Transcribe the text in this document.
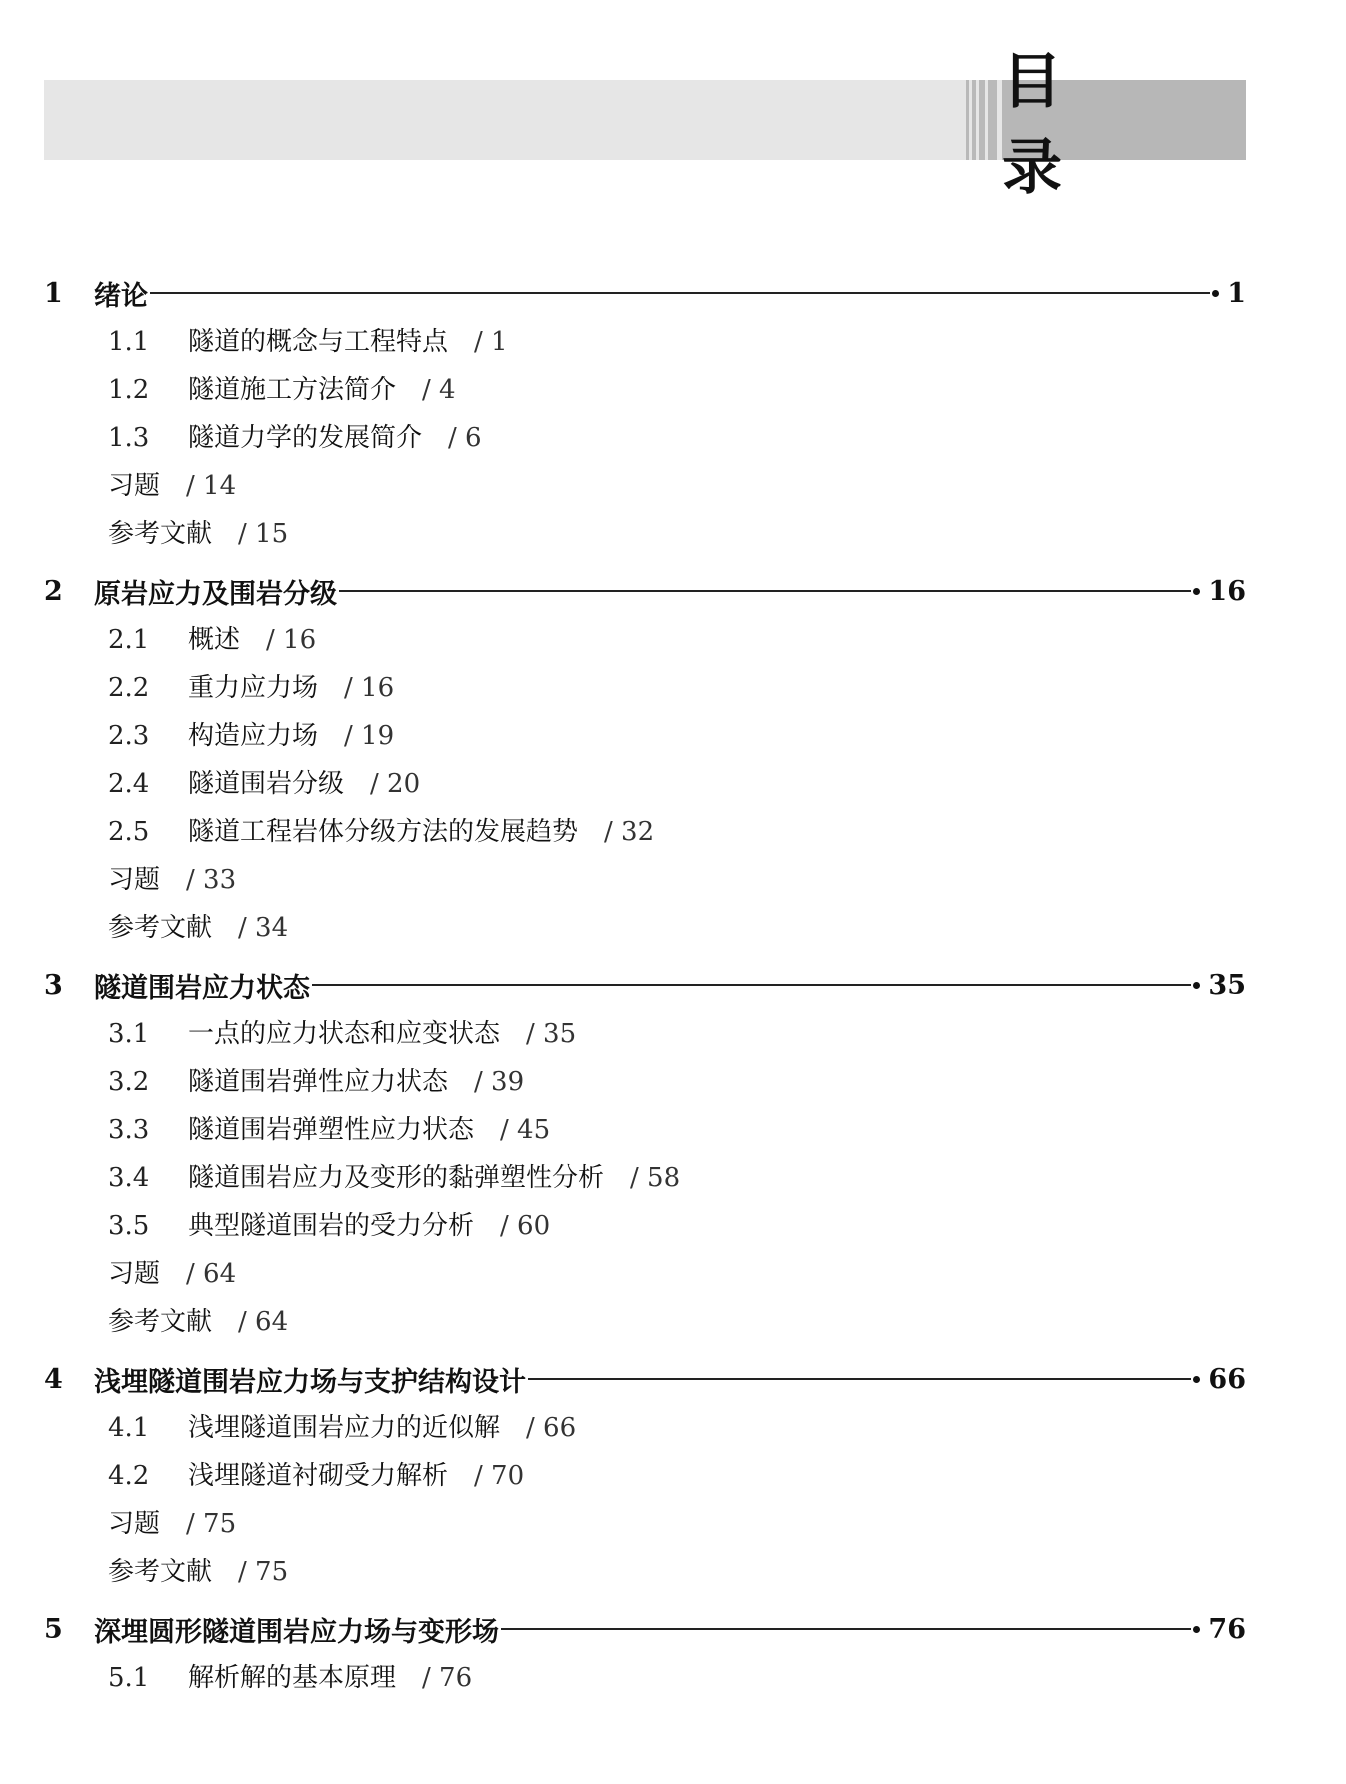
目 录
1	绪论	1
1.1 隧道的概念与工程特点 / 1
1.2 隧道施工方法简介 / 4
1.3 隧道力学的发展简介 / 6
习题 / 14
参考文献 / 15
2	原岩应力及围岩分级	16
2.1 概述 / 16
2.2 重力应力场 / 16
2.3 构造应力场 / 19
2.4 隧道围岩分级 / 20
2.5 隧道工程岩体分级方法的发展趋势 / 32
习题 / 33
参考文献 / 34
3	隧道围岩应力状态	35
3.1 一点的应力状态和应变状态 / 35
3.2 隧道围岩弹性应力状态 / 39
3.3 隧道围岩弹塑性应力状态 / 45
3.4 隧道围岩应力及变形的黏弹塑性分析 / 58
3.5 典型隧道围岩的受力分析 / 60
习题 / 64
参考文献 / 64
4	浅埋隧道围岩应力场与支护结构设计	66
4.1 浅埋隧道围岩应力的近似解 / 66
4.2 浅埋隧道衬砌受力解析 / 70
习题 / 75
参考文献 / 75
5	深埋圆形隧道围岩应力场与变形场	76
5.1 解析解的基本原理 / 76
